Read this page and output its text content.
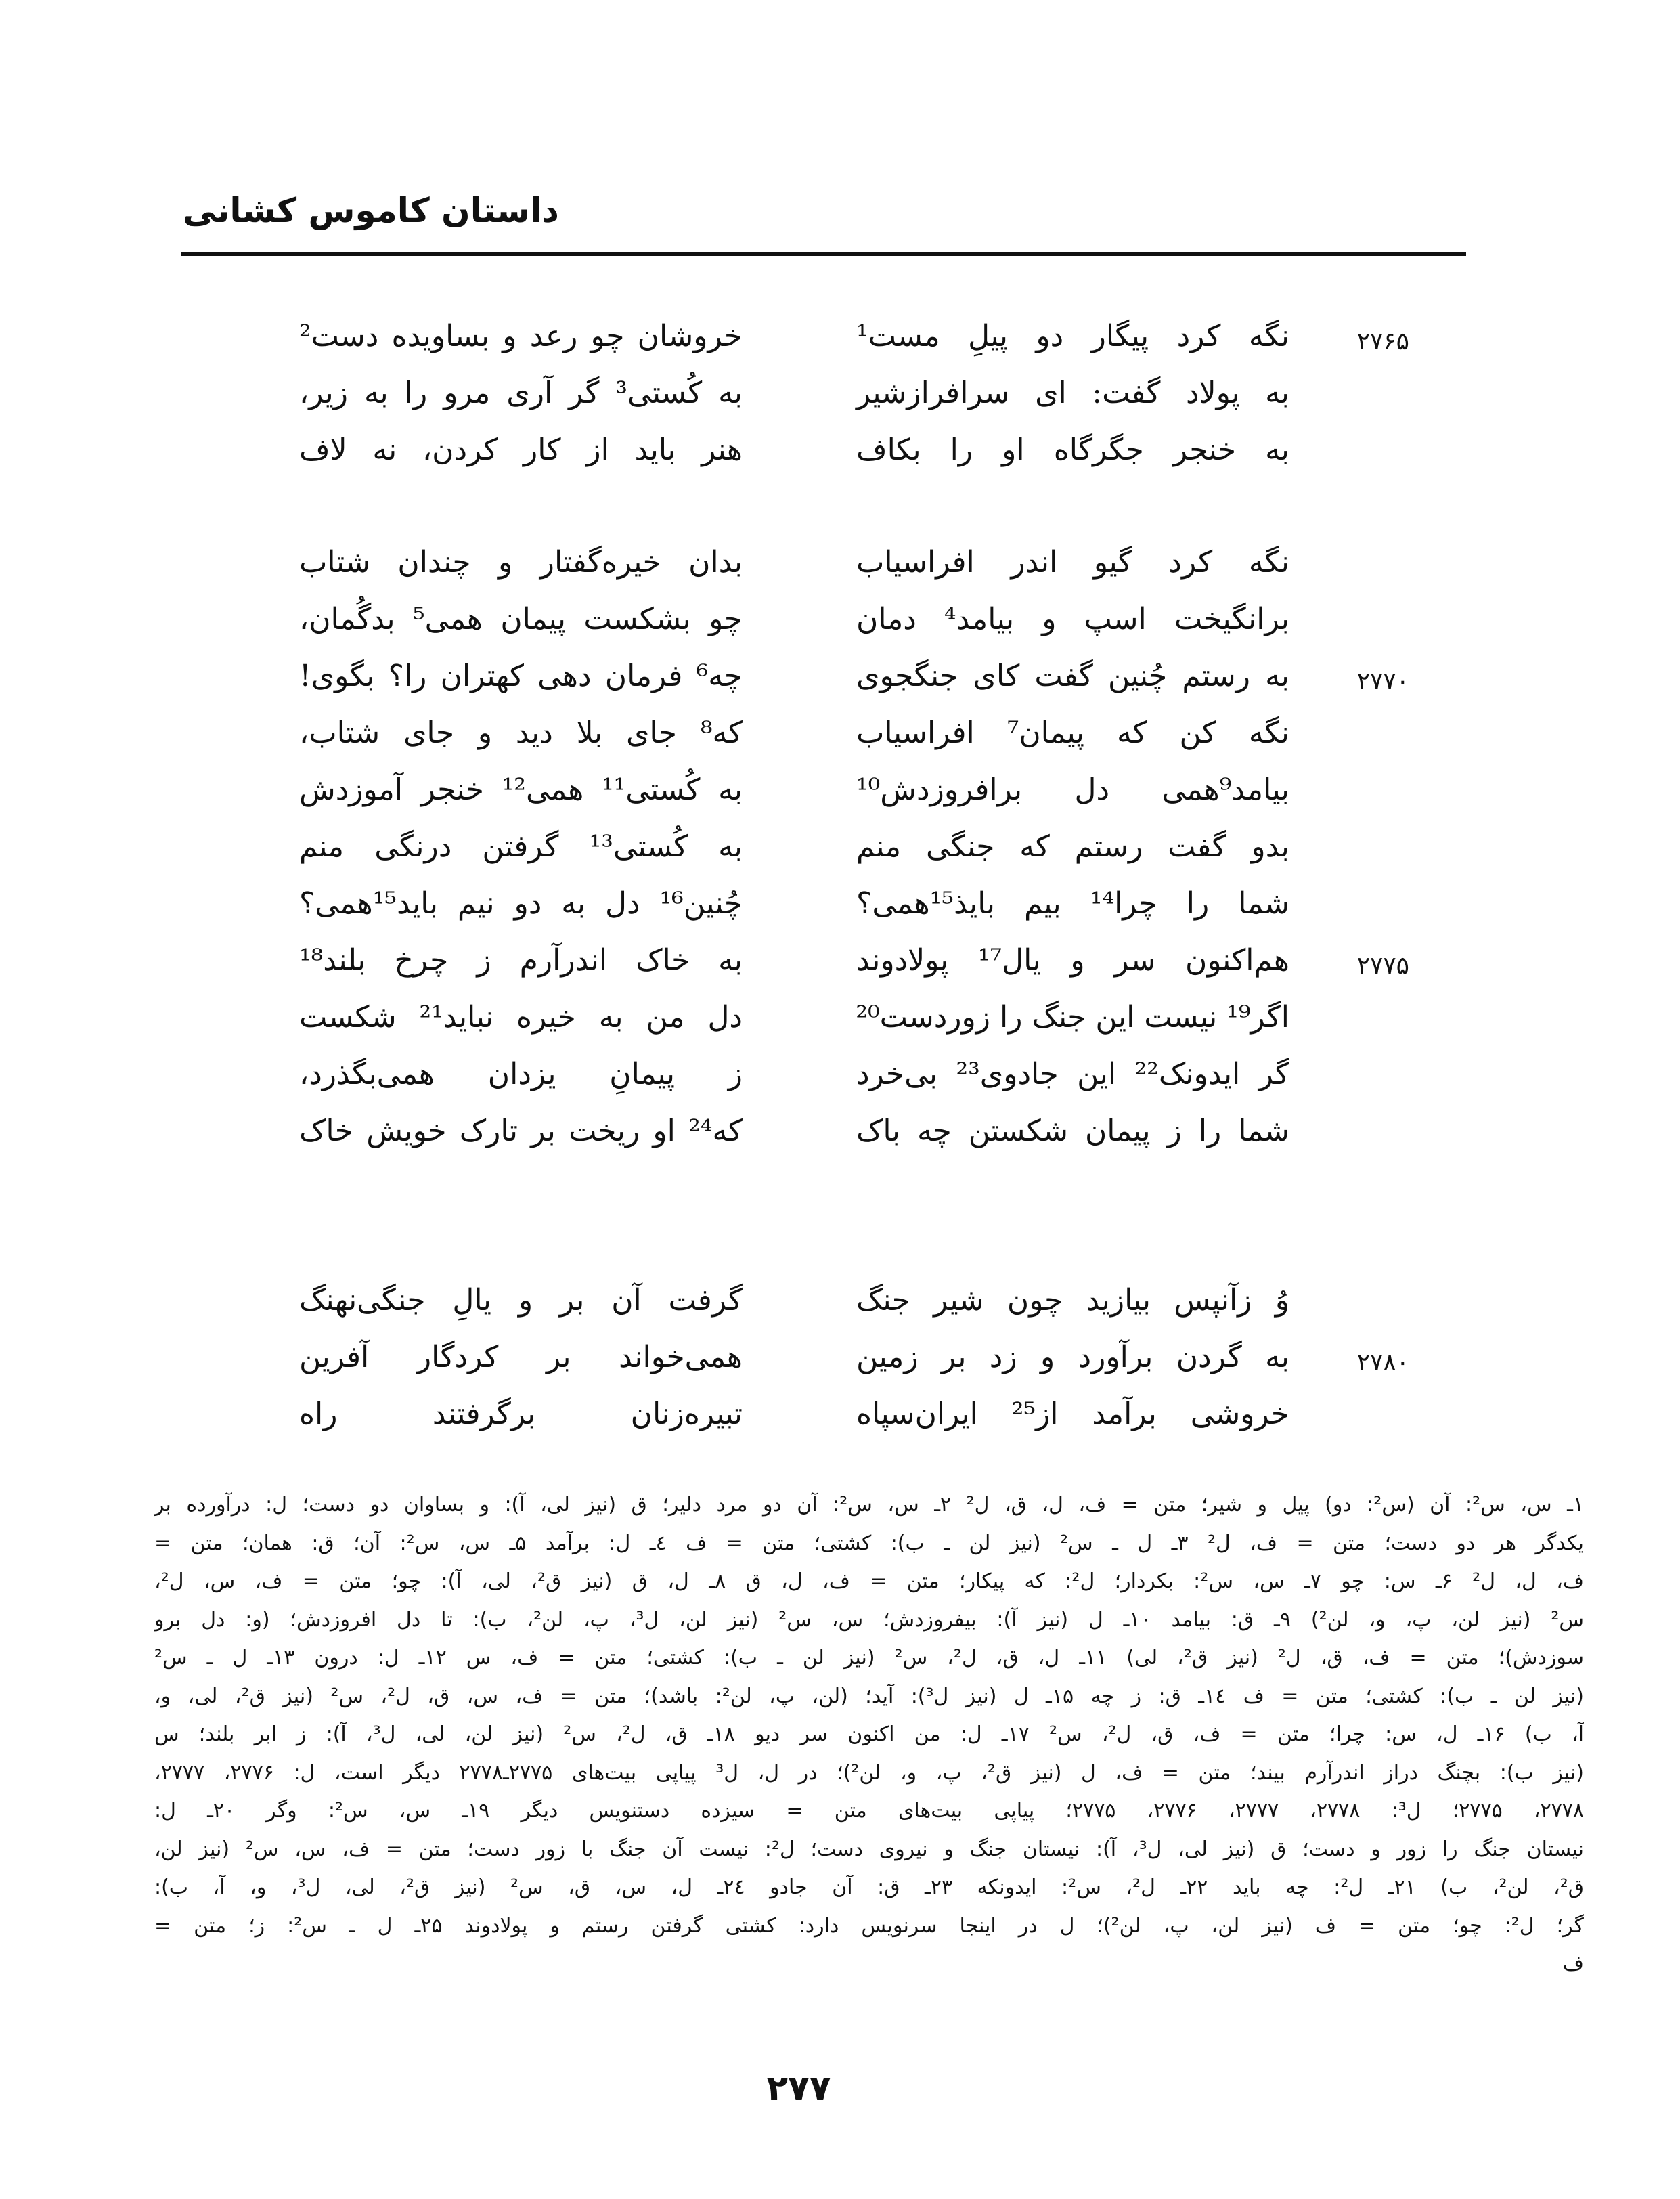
داستان کاموس کشانی
۲۷۶۵
نگه کرد پیگار دو پیلِ مست¹
خروشان چو رعد و بساویده دست²
به پولاد گفت: ای سرافرازشیر
به کُستی³ گر آری مرو را به زیر،
به خنجر جگرگاه او را بکاف
هنر باید از کار کردن، نه لاف
نگه کرد گیو اندر افراسیاب
بدان خیره‌گفتار و چندان شتاب
برانگیخت اسپ و بیامد⁴ دمان
چو بشکست پیمان همی⁵ بدگُمان،
۲۷۷۰
به رستم چُنین گفت کای جنگجوی
چه⁶ فرمان دهی کهتران را؟ بگوی!
نگه کن که پیمان⁷ افراسیاب
که⁸ جای بلا دید و جای شتاب،
بیامد⁹همی دل برافروزدش¹⁰
به کُستی¹¹ همی¹² خنجر آموزدش
بدو گفت رستم که جنگی منم
به کُستی¹³ گرفتن درنگی منم
شما را چرا¹⁴ بیم بایذ¹⁵همی؟
چُنین¹⁶ دل به دو نیم باید¹⁵همی؟
۲۷۷۵
هم‌اکنون سر و یال¹⁷ پولادوند
به خاک اندرآرم ز چرخ بلند¹⁸
اگر¹⁹ نیست این جنگ را زوردست²⁰
دل من به خیره نباید²¹ شکست
گر ایدونک²² این جادوی²³ بی‌خرد
ز پیمانِ یزدان همی‌بگذرد،
شما را ز پیمان شکستن چه باک
که²⁴ او ریخت بر تارک خویش خاک
وُ زآنپس بیازید چون شیر جنگ
گرفت آن بر و یالِ جنگی‌نهنگ
۲۷۸۰
به گردن برآورد و زد بر زمین
همی‌خواند بر کردگار آفرین
خروشی برآمد از²⁵ ایران‌سپاه
تبیره‌زنان برگرفتند راه
۱ـ س، س²: آن (س²: دو) پیل و شیر؛ متن = ف، ل، ق، ل² ۲ـ س، س²: آن دو مرد دلیر؛ ق (نیز لی، آ): و بساوان دو دست؛ ل: درآورده بر
یکدگر هر دو دست؛ متن = ف، ل² ۳ـ ل ـ س² (نیز لن ـ ب): کشتی؛ متن = ف ٤ـ ل: برآمد ۵ـ س، س²: آن؛ ق: همان؛ متن =
ف، ل، ل² ۶ـ س: چو ۷ـ س، س²: بکردار؛ ل²: که پیکار؛ متن = ف، ل، ق ۸ـ ل، ق (نیز ق²، لی، آ): چو؛ متن = ف، س، ل²،
س² (نیز لن، پ، و، لن²) ۹ـ ق: بیامد ۱۰ـ ل (نیز آ): بیفروزدش؛ س، س² (نیز لن، ل³، پ، لن²، ب): تا دل افروزدش؛ (و: دل برو
سوزدش)؛ متن = ف، ق، ل² (نیز ق²، لی) ۱۱ـ ل، ق، ل²، س² (نیز لن ـ ب): کشتی؛ متن = ف، س ۱۲ـ ل: درون ۱۳ـ ل ـ س²
(نیز لن ـ ب): کشتی؛ متن = ف ۱٤ـ ق: ز چه ۱۵ـ ل (نیز ل³): آید؛ (لن، پ، لن²: باشد)؛ متن = ف، س، ق، ل²، س² (نیز ق²، لی، و،
آ، ب) ۱۶ـ ل، س: چرا؛ متن = ف، ق، ل²، س² ۱۷ـ ل: من اکنون سر دیو ۱۸ـ ق، ل²، س² (نیز لن، لی، ل³، آ): ز ابر بلند؛ س
(نیز ب): بچنگ دراز اندرآرم بیند؛ متن = ف، ل (نیز ق²، پ، و، لن²)؛ در ل، ل³ پیاپی بیت‌های ۲۷۷۵ـ۲۷۷۸ دیگر است، ل: ۲۷۷۶، ۲۷۷۷،
۲۷۷۸، ۲۷۷۵؛ ل³: ۲۷۷۸، ۲۷۷۷، ۲۷۷۶، ۲۷۷۵؛ پیاپی بیت‌های متن = سیزده دستنویس دیگر ۱۹ـ س، س²: وگر ۲۰ـ ل:
نیستان جنگ را زور و دست؛ ق (نیز لی، ل³، آ): نیستان جنگ و نیروی دست؛ ل²: نیست آن جنگ با زور دست؛ متن = ف، س، س² (نیز لن،
ق²، لن²، ب) ۲۱ـ ل²: چه باید ۲۲ـ ل²، س²: ایدونکه ۲۳ـ ق: آن جادو ۲٤ـ ل، س، ق، س² (نیز ق²، لی، ل³، و، آ، ب):
گر؛ ل²: چو؛ متن = ف (نیز لن، پ، لن²)؛ ل در اینجا سرنویس دارد: کشتی گرفتن رستم و پولادوند ۲۵ـ ل ـ س²: ز؛ متن =
ف
۲۷۷
